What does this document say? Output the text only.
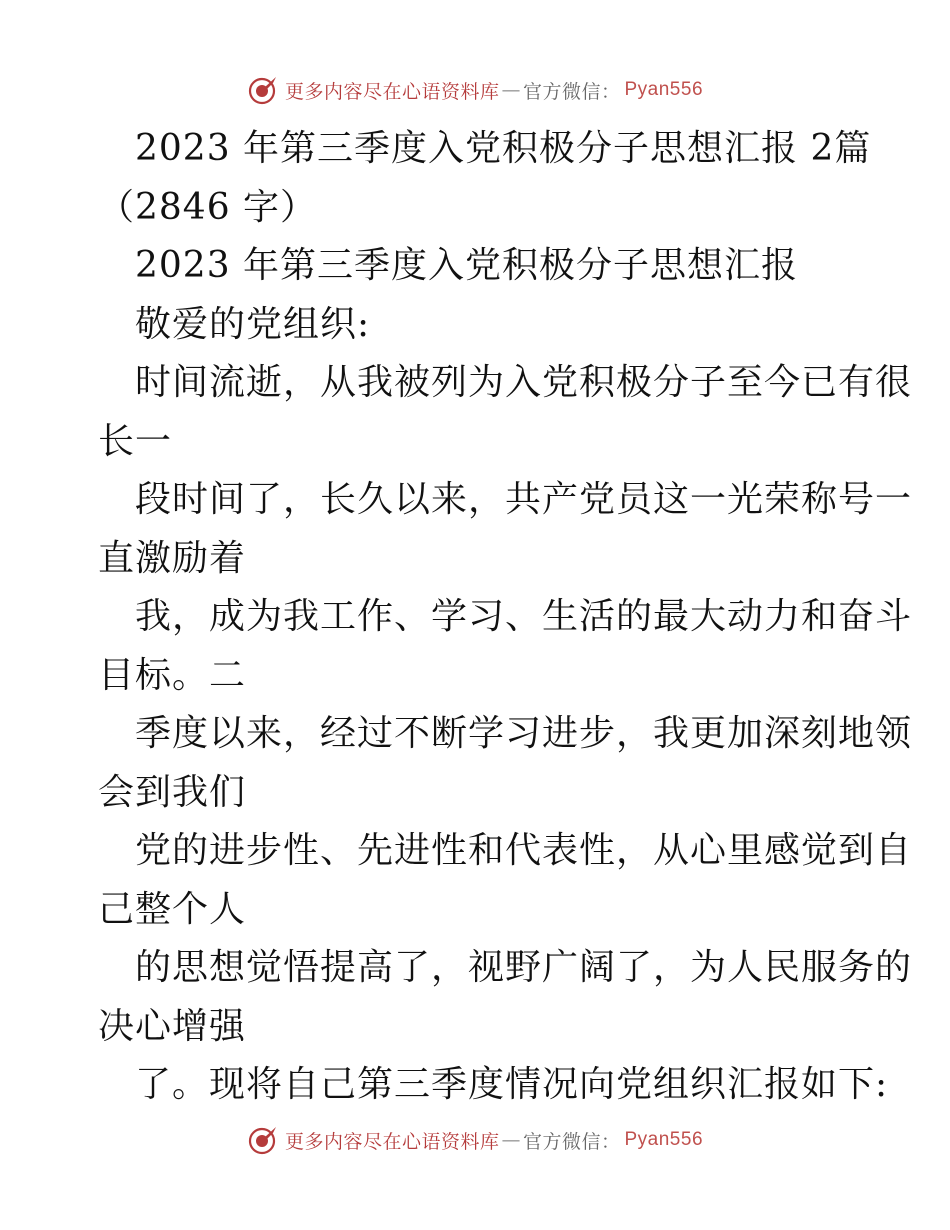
更多内容尽在心语资料库 — 官方微信： Pyan556
2023 年第三季度入党积极分子思想汇报 2篇
（2846 字）
2023 年第三季度入党积极分子思想汇报
敬爱的党组织:
时间流逝，从我被列为入党积极分子至今已有很
长一
段时间了，长久以来，共产党员这一光荣称号一
直激励着
我，成为我工作、学习、生活的最大动力和奋斗
目标。二
季度以来，经过不断学习进步，我更加深刻地领
会到我们
党的进步性、先进性和代表性，从心里感觉到自
己整个人
的思想觉悟提高了，视野广阔了，为人民服务的
决心增强
了。现将自己第三季度情况向党组织汇报如下:
更多内容尽在心语资料库 — 官方微信： Pyan556
